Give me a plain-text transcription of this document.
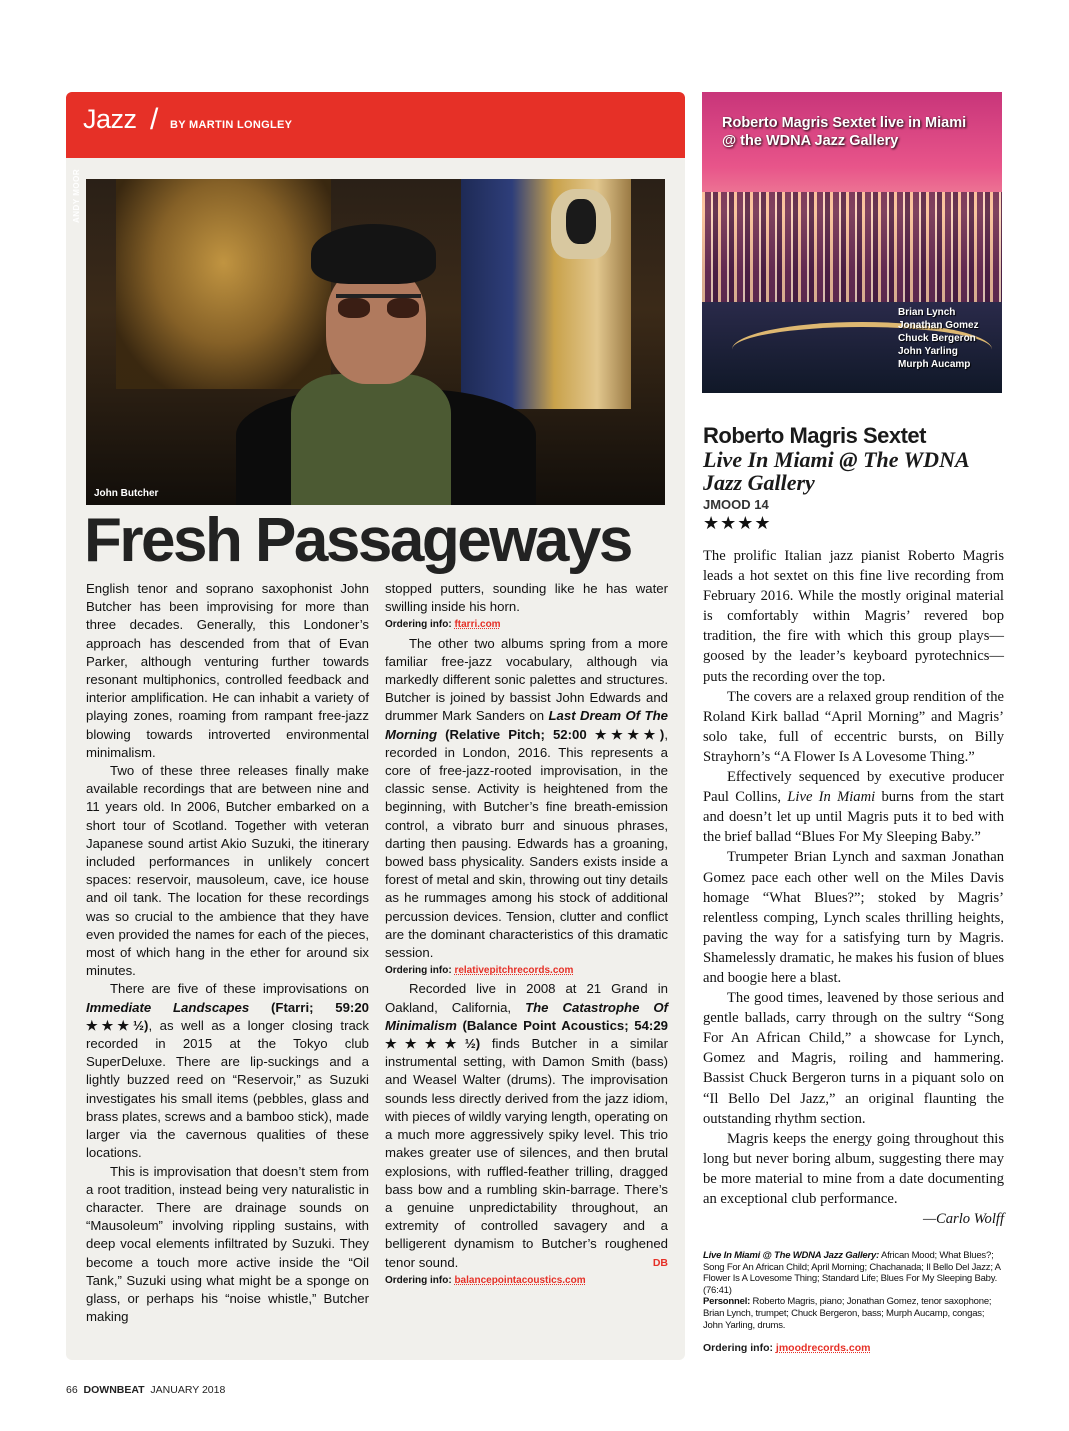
Jazz / BY MARTIN LONGLEY
ANDY MOOR
John Butcher
Fresh Passageways

English tenor and soprano saxophonist John Butcher has been improvising for more than three decades. Generally, this Londoner’s approach has descended from that of Evan Parker, although venturing further towards resonant multiphonics, controlled feedback and interior amplification. He can inhabit a variety of playing zones, roaming from rampant free-jazz blowing towards introverted environmental minimalism.

Two of these three releases finally make available recordings that are between nine and 11 years old. In 2006, Butcher embarked on a short tour of Scotland. Together with veteran Japanese sound artist Akio Suzuki, the itinerary included performances in unlikely concert spaces: reservoir, mausoleum, cave, ice house and oil tank. The location for these recordings was so crucial to the ambience that they have even provided the names for each of the pieces, most of which hang in the ether for around six minutes.

There are five of these improvisations on Immediate Landscapes (Ftarri; 59:20 ★★★½), as well as a longer closing track recorded in 2015 at the Tokyo club SuperDeluxe. There are lip-suckings and a lightly buzzed reed on “Reservoir,” as Suzuki investigates his small items (pebbles, glass and brass plates, screws and a bamboo stick), made larger via the cavernous qualities of these locations.

This is improvisation that doesn’t stem from a root tradition, instead being very naturalistic in character. There are drainage sounds on “Mausoleum” involving rippling sustains, with deep vocal elements infiltrated by Suzuki. They become a touch more active inside the “Oil Tank,” Suzuki using what might be a sponge on glass, or perhaps his “noise whistle,” Butcher making

stopped putters, sounding like he has water swilling inside his horn.

Ordering info: ftarri.com

The other two albums spring from a more familiar free-jazz vocabulary, although via markedly different sonic palettes and structures. Butcher is joined by bassist John Edwards and drummer Mark Sanders on Last Dream Of The Morning (Relative Pitch; 52:00 ★★★★), recorded in London, 2016. This represents a core of free-jazz-rooted improvisation, in the classic sense. Activity is heightened from the beginning, with Butcher’s fine breath-emission control, a vibrato burr and sinuous phrases, darting then pausing. Edwards has a groaning, bowed bass physicality. Sanders exists inside a forest of metal and skin, throwing out tiny details as he rummages among his stock of additional percussion devices. Tension, clutter and conflict are the dominant characteristics of this dramatic session.

Ordering info: relativepitchrecords.com

Recorded live in 2008 at 21 Grand in Oakland, California, The Catastrophe Of Minimalism (Balance Point Acoustics; 54:29 ★★★★½) finds Butcher in a similar instrumental setting, with Damon Smith (bass) and Weasel Walter (drums). The improvisation sounds less directly derived from the jazz idiom, with pieces of wildly varying length, operating on a much more aggressively spiky level. This trio makes greater use of silences, and then brutal explosions, with ruffled-feather trilling, dragged bass bow and a rumbling skin-barrage. There’s a genuine unpredictability throughout, an extremity of controlled savagery and a belligerent dynamism to Butcher’s roughened tenor sound.	DB

Ordering info: balancepointacoustics.com

Roberto Magris Sextet live in Miami
@ the WDNA Jazz Gallery
Brian Lynch
Jonathan Gomez
Chuck Bergeron
John Yarling
Murph Aucamp
Roberto Magris Sextet
Live In Miami @ The WDNA Jazz Gallery
JMOOD 14
★★★★

The prolific Italian jazz pianist Roberto Magris leads a hot sextet on this fine live recording from February 2016. While the mostly original material is comfortably within Magris’ revered bop tradition, the fire with which this group plays—goosed by the leader’s keyboard pyrotechnics—puts the recording over the top.

The covers are a relaxed group rendition of the Roland Kirk ballad “April Morning” and Magris’ solo take, full of eccentric bursts, on Billy Strayhorn’s “A Flower Is A Lovesome Thing.”

Effectively sequenced by executive producer Paul Collins, Live In Miami burns from the start and doesn’t let up until Magris puts it to bed with the brief ballad “Blues For My Sleeping Baby.”

Trumpeter Brian Lynch and saxman Jonathan Gomez pace each other well on the Miles Davis homage “What Blues?”; stoked by Magris’ relentless comping, Lynch scales thrilling heights, paving the way for a satisfying turn by Magris. Shamelessly dramatic, he makes his fusion of blues and boogie here a blast.

The good times, leavened by those serious and gentle ballads, carry through on the sultry “Song For An African Child,” a showcase for Lynch, Gomez and Magris, roiling and hammering. Bassist Chuck Bergeron turns in a piquant solo on “Il Bello Del Jazz,” an original flaunting the outstanding rhythm section.

Magris keeps the energy going throughout this long but never boring album, suggesting there may be more material to mine from a date documenting an exceptional club performance.

—Carlo Wolff
Live In Miami @ The WDNA Jazz Gallery: African Mood; What Blues?; Song For An African Child; April Morning; Chachanada; Il Bello Del Jazz; A Flower Is A Lovesome Thing; Standard Life; Blues For My Sleeping Baby. (76:41)
Personnel: Roberto Magris, piano; Jonathan Gomez, tenor saxophone; Brian Lynch, trumpet; Chuck Bergeron, bass; Murph Aucamp, congas; John Yarling, drums.
Ordering info: jmoodrecords.com
66 DOWNBEAT JANUARY 2018
